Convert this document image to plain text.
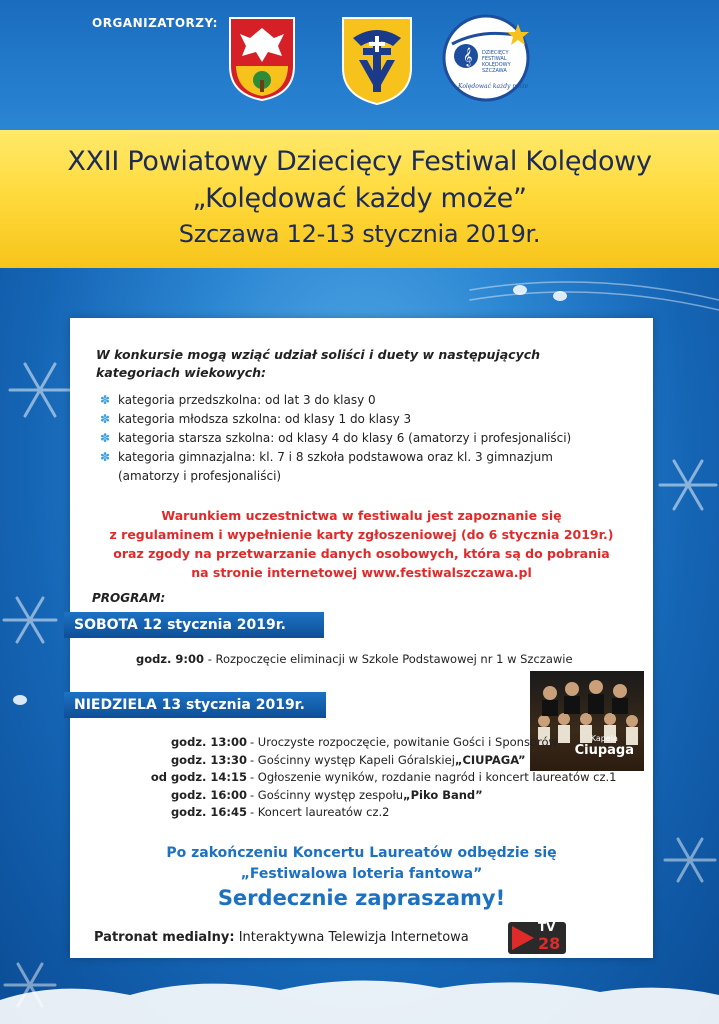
ORGANIZATORZY:
𝄞 DZIECIĘCY
FESTIWAL
KOLĘDOWY
SZCZAWA
Kolędować każdy może
XXII Powiatowy Dziecięcy Festiwal Kolędowy
„Kolędować każdy może”
Szczawa 12-13 stycznia 2019r.
W konkursie mogą wziąć udział soliści i duety w następujących
kategoriach wiekowych:
✽ kategoria przedszkolna: od lat 3 do klasy 0
✽ kategoria młodsza szkolna: od klasy 1 do klasy 3
✽ kategoria starsza szkolna: od klasy 4 do klasy 6 (amatorzy i profesjonaliści)
✽ kategoria gimnazjalna: kl. 7 i 8 szkoła podstawowa oraz kl. 3 gimnazjum
(amatorzy i profesjonaliści)
Warunkiem uczestnictwa w festiwalu jest zapoznanie się
z regulaminem i wypełnienie karty zgłoszeniowej (do 6 stycznia 2019r.)
oraz zgody na przetwarzanie danych osobowych, która są do pobrania
na stronie internetowej www.festiwalszczawa.pl
PROGRAM:
SOBOTA 12 stycznia 2019r.
godz. 9:00 - Rozpoczęcie eliminacji w Szkole Podstawowej nr 1 w Szczawie
NIEDZIELA 13 stycznia 2019r.
Kapela
Ciupaga
godz. 13:00 - Uroczyste rozpoczęcie, powitanie Gości i Sponsorów
godz. 13:30 - Gościnny występ Kapeli Góralskiej „CIUPAGA”
od godz. 14:15 - Ogłoszenie wyników, rozdanie nagród i koncert laureatów cz.1
godz. 16:00 - Gościnny występ zespołu „Piko Band”
godz. 16:45 - Koncert laureatów cz.2
Po zakończeniu Koncertu Laureatów odbędzie się
„Festiwalowa loteria fantowa”
Serdecznie zapraszamy!
Patronat medialny: Interaktywna Telewizja Internetowa
TV
28
